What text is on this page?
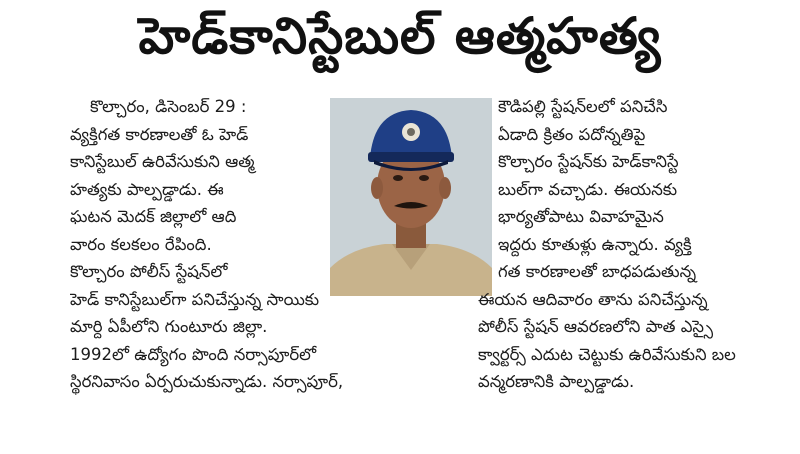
హెడ్‌కానిస్టేబుల్ ఆత్మహత్య
కొల్చారం, డిసెంబర్ 29 :
వ్యక్తిగత కారణాలతో ఓ హెడ్
కానిస్టేబుల్ ఉరివేసుకుని ఆత్మ
హత్యకు పాల్పడ్డాడు. ఈ
ఘటన మెదక్ జిల్లాలో ఆది
వారం కలకలం రేపింది.
కొల్చారం పోలీస్ స్టేషన్‌లో
హెడ్ కానిస్టేబుల్‌గా పనిచేస్తున్న సాయికు
మార్ది ఏపీలోని గుంటూరు జిల్లా.
1992లో ఉద్యోగం పొంది నర్సాపూర్‌లో
స్థిరనివాసం ఏర్పరుచుకున్నాడు. నర్సాపూర్,
కౌడిపల్లి స్టేషన్‌లలో పనిచేసి
ఏడాది క్రితం పదోన్నతిపై
కొల్చారం స్టేషన్‌కు హెడ్‌కానిస్టే
బుల్‌గా వచ్చాడు. ఈయనకు
భార్యతోపాటు వివాహమైన
ఇద్దరు కూతుళ్లు ఉన్నారు. వ్యక్తి
గత కారణాలతో బాధపడుతున్న
ఈయన ఆదివారం తాను పనిచేస్తున్న
పోలీస్ స్టేషన్ ఆవరణలోని పాత ఎస్సై
క్వార్టర్స్ ఎదుట చెట్టుకు ఉరివేసుకుని బల
వన్మరణానికి పాల్పడ్డాడు.
